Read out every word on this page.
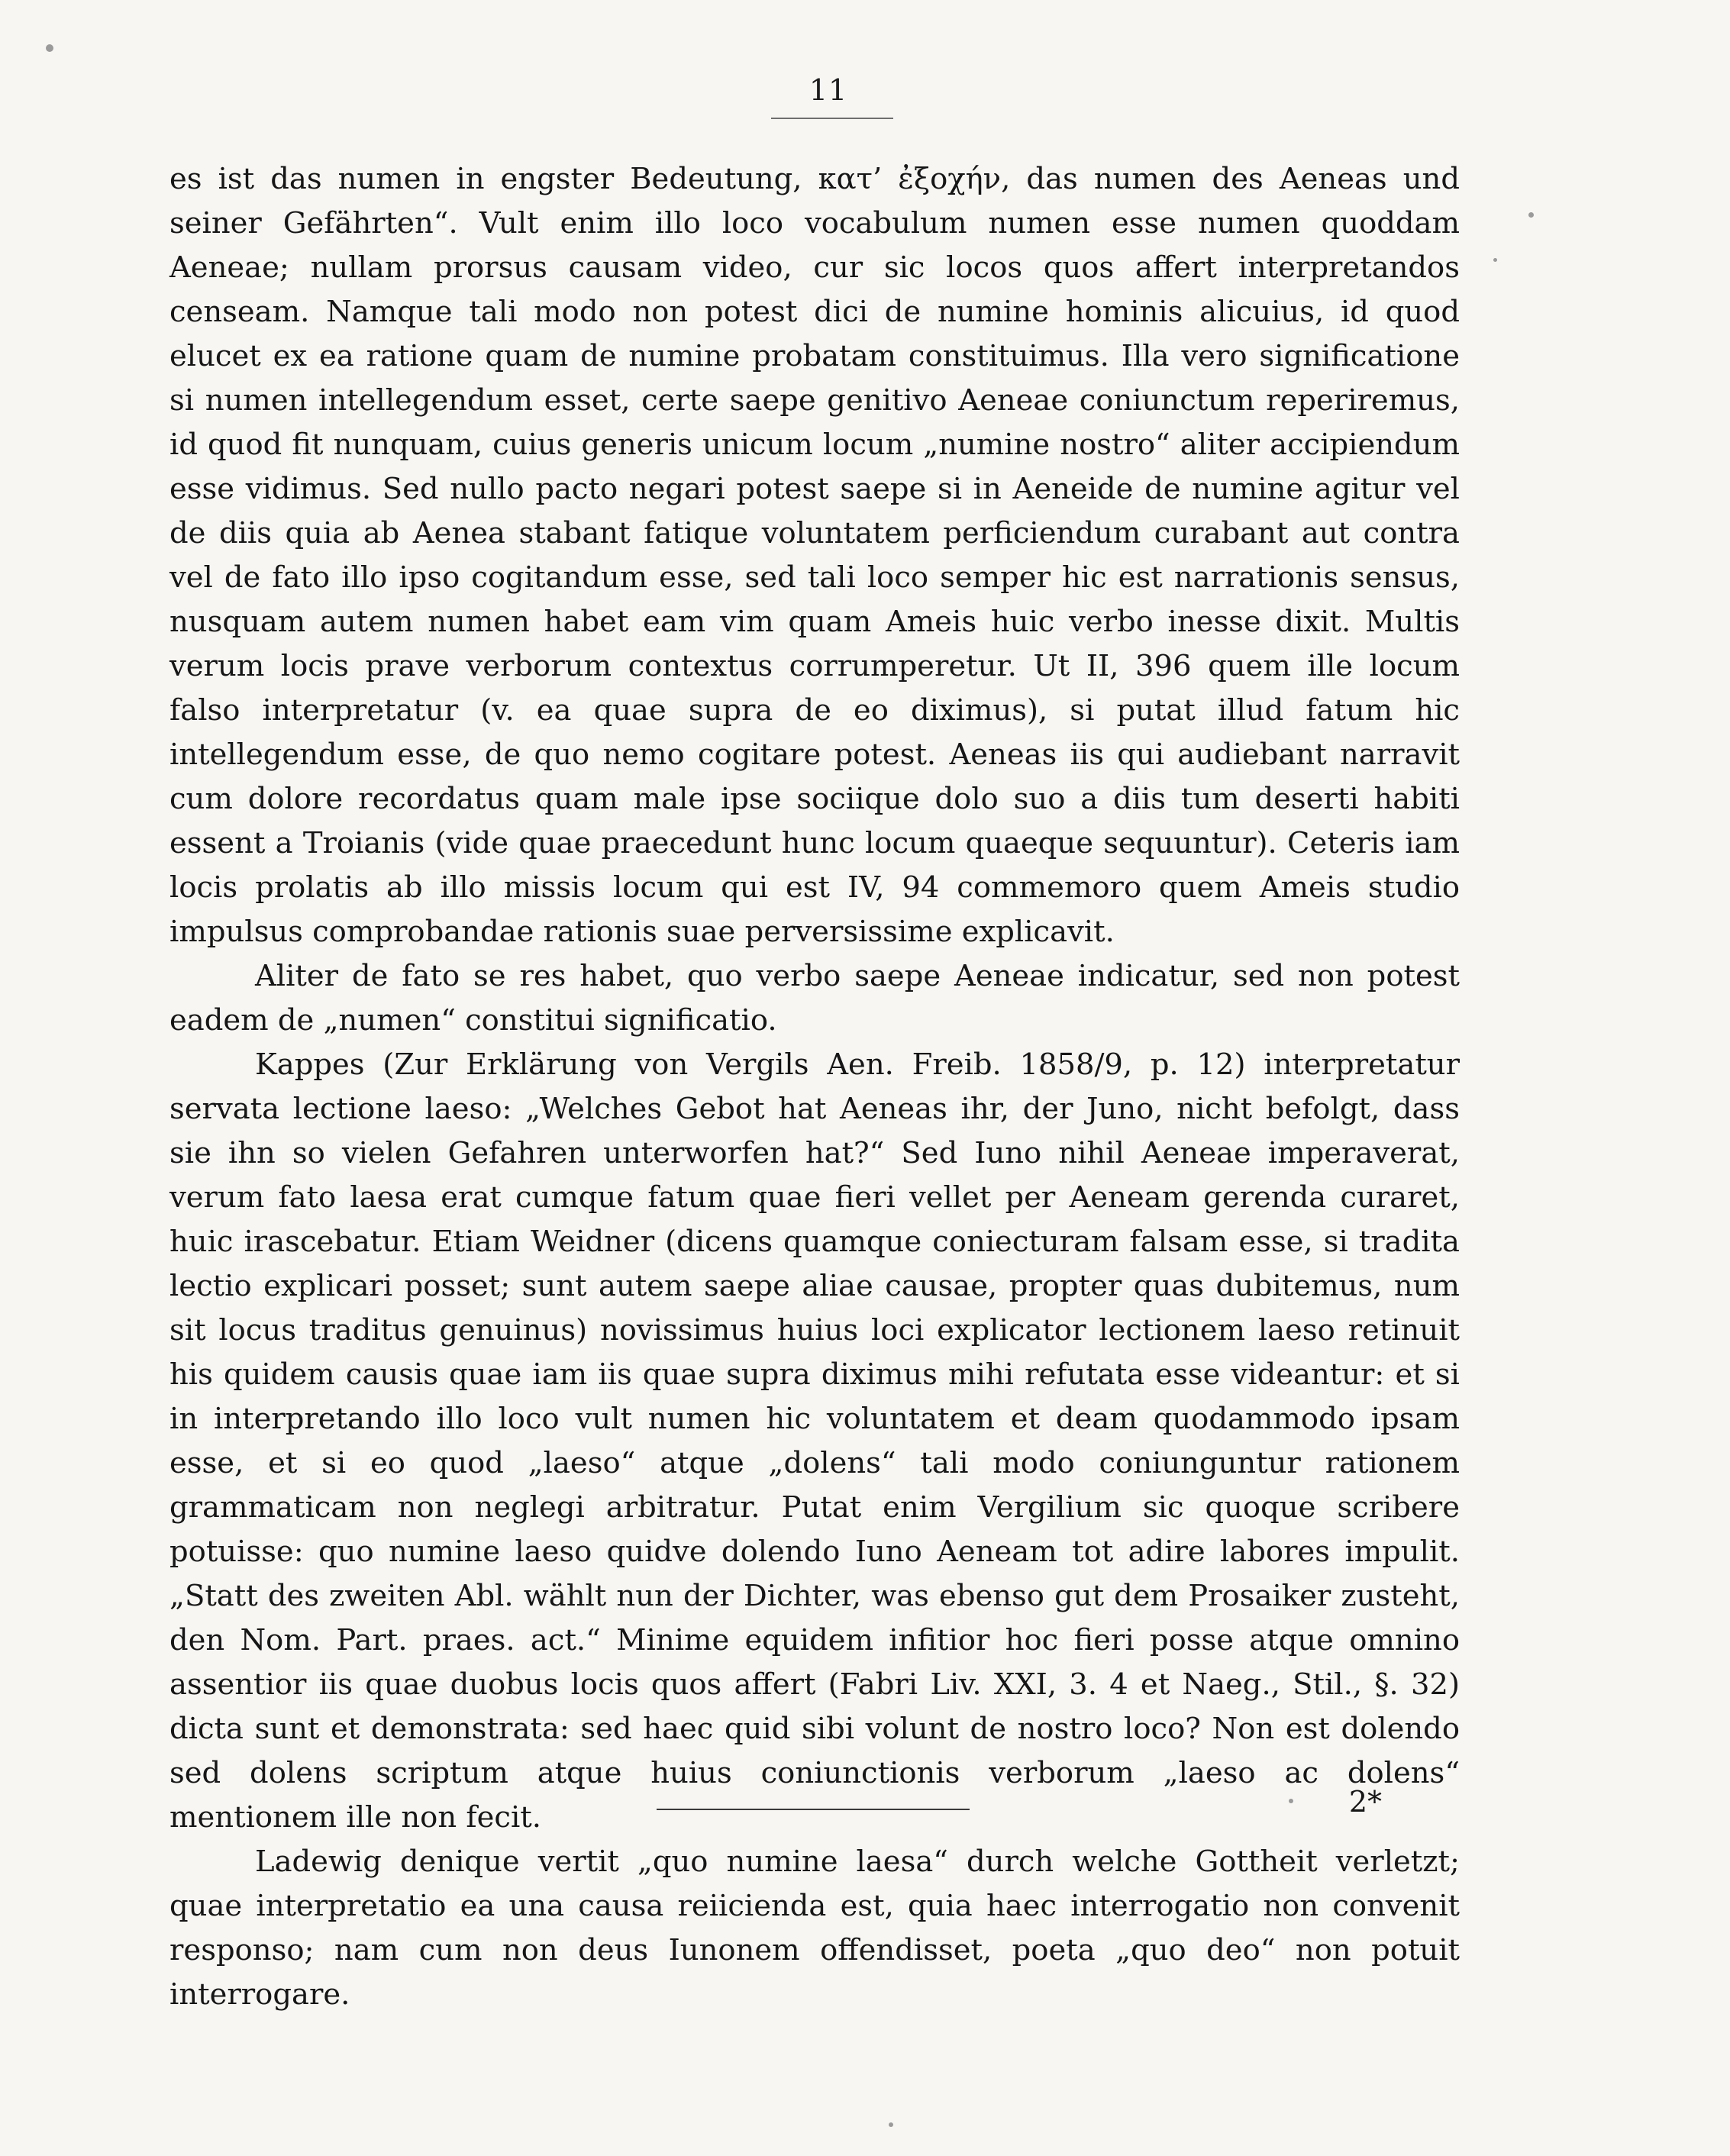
11

es ist das numen in engster Bedeutung, κατ’ ἐξοχήν, das numen des Aeneas und seiner Gefährten“. Vult enim illo loco vocabulum numen esse numen quoddam Aeneae; nullam prorsus causam video, cur sic locos quos affert interpretandos censeam. Namque tali modo non potest dici de numine hominis alicuius, id quod elucet ex ea ratione quam de numine probatam constituimus. Illa vero significatione si numen intellegendum esset, certe saepe genitivo Aeneae coniunctum reperiremus, id quod fit nunquam, cuius generis unicum locum „numine nostro“ aliter accipiendum esse vidimus. Sed nullo pacto negari potest saepe si in Aeneide de numine agitur vel de diis quia ab Aenea stabant fatique voluntatem perficiendum curabant aut contra vel de fato illo ipso cogitandum esse, sed tali loco semper hic est narrationis sensus, nusquam autem numen habet eam vim quam Ameis huic verbo inesse dixit. Multis verum locis prave verborum contextus corrumperetur. Ut II, 396 quem ille locum falso interpretatur (v. ea quae supra de eo diximus), si putat illud fatum hic intellegendum esse, de quo nemo cogitare potest. Aeneas iis qui audiebant narravit cum dolore recordatus quam male ipse sociique dolo suo a diis tum deserti habiti essent a Troianis (vide quae praecedunt hunc locum quaeque sequuntur). Ceteris iam locis prolatis ab illo missis locum qui est IV, 94 commemoro quem Ameis studio impulsus comprobandae rationis suae perversissime explicavit.

Aliter de fato se res habet, quo verbo saepe Aeneae indicatur, sed non potest eadem de „numen“ constitui significatio.

Kappes (Zur Erklärung von Vergils Aen. Freib. 1858/9, p. 12) interpretatur servata lectione laeso: „Welches Gebot hat Aeneas ihr, der Juno, nicht befolgt, dass sie ihn so vielen Gefahren unterworfen hat?“ Sed Iuno nihil Aeneae imperaverat, verum fato laesa erat cumque fatum quae fieri vellet per Aeneam gerenda curaret, huic irascebatur. Etiam Weidner (dicens quamque coniecturam falsam esse, si tradita lectio explicari posset; sunt autem saepe aliae causae, propter quas dubitemus, num sit locus traditus genuinus) novissimus huius loci explicator lectionem laeso retinuit his quidem causis quae iam iis quae supra diximus mihi refutata esse videantur: et si in interpretando illo loco vult numen hic voluntatem et deam quodammodo ipsam esse, et si eo quod „laeso“ atque „dolens“ tali modo coniunguntur rationem grammaticam non neglegi arbitratur. Putat enim Vergilium sic quoque scribere potuisse: quo numine laeso quidve dolendo Iuno Aeneam tot adire labores impulit. „Statt des zweiten Abl. wählt nun der Dichter, was ebenso gut dem Prosaiker zusteht, den Nom. Part. praes. act.“ Minime equidem infitior hoc fieri posse atque omnino assentior iis quae duobus locis quos affert (Fabri Liv. XXI, 3. 4 et Naeg., Stil., §. 32) dicta sunt et demonstrata: sed haec quid sibi volunt de nostro loco? Non est dolendo sed dolens scriptum atque huius coniunctionis verborum „laeso ac dolens“ mentionem ille non fecit.

Ladewig denique vertit „quo numine laesa“ durch welche Gottheit verletzt; quae interpretatio ea una causa reiicienda est, quia haec interrogatio non convenit responso; nam cum non deus Iunonem offendisset, poeta „quo deo“ non potuit interrogare.

2*
